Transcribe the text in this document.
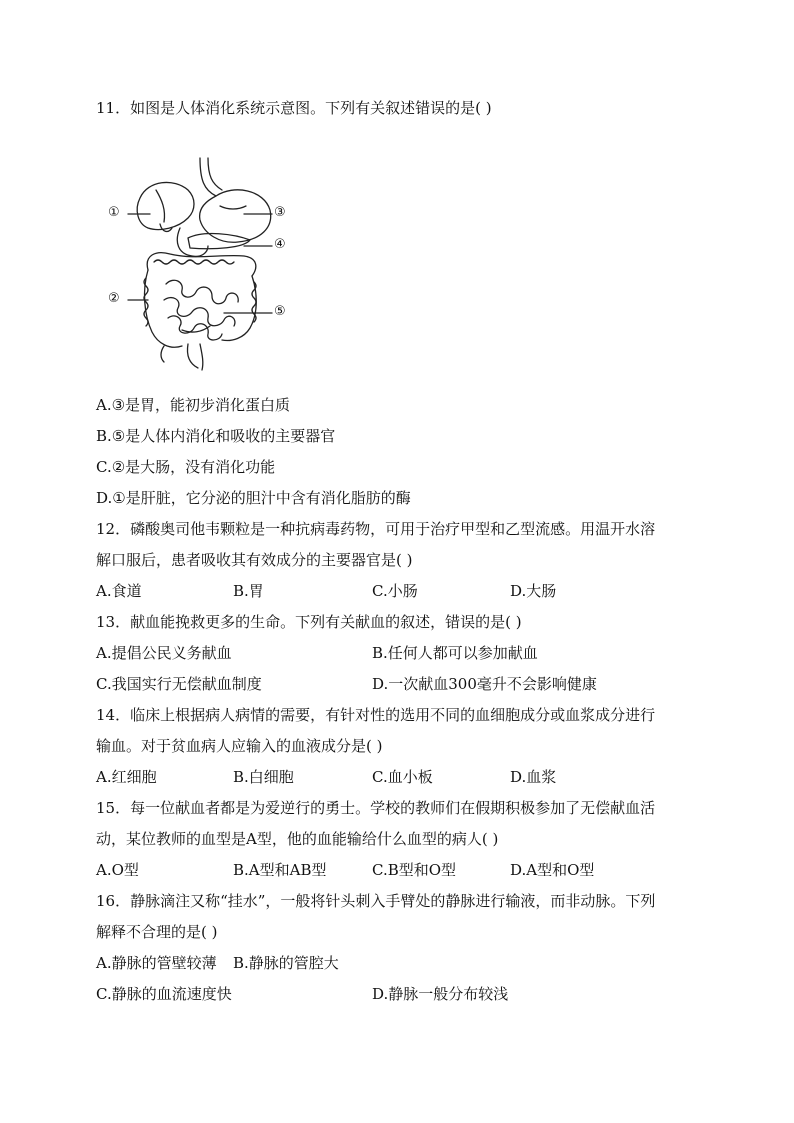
11．如图是人体消化系统示意图。下列有关叙述错误的是( )
①
②
③
④
⑤
A.③是胃，能初步消化蛋白质
B.⑤是人体内消化和吸收的主要器官
C.②是大肠，没有消化功能
D.①是肝脏，它分泌的胆汁中含有消化脂肪的酶
12．磷酸奥司他韦颗粒是一种抗病毒药物，可用于治疗甲型和乙型流感。用温开水溶
解口服后，患者吸收其有效成分的主要器官是( )
A.食道	B.胃	C.小肠	D.大肠
13．献血能挽救更多的生命。下列有关献血的叙述，错误的是( )
A.提倡公民义务献血	B.任何人都可以参加献血
C.我国实行无偿献血制度	D.一次献血300毫升不会影响健康
14．临床上根据病人病情的需要，有针对性的选用不同的血细胞成分或血浆成分进行
输血。对于贫血病人应输入的血液成分是( )
A.红细胞	B.白细胞	C.血小板	D.血浆
15．每一位献血者都是为爱逆行的勇士。学校的教师们在假期积极参加了无偿献血活
动，某位教师的血型是A型，他的血能输给什么血型的病人( )
A.O型	B.A型和AB型	C.B型和O型	D.A型和O型
16．静脉滴注又称“挂水”，一般将针头刺入手臂处的静脉进行输液，而非动脉。下列
解释不合理的是( )
A.静脉的管壁较薄 B.静脉的管腔大
C.静脉的血流速度快	D.静脉一般分布较浅
